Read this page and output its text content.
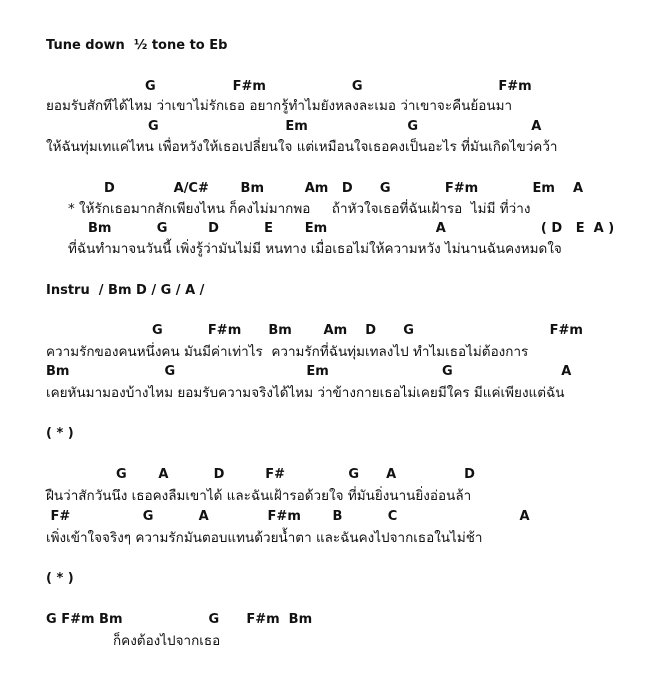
Tune down  ½ tone to Eb
G                 F#m                   G                              F#m
ยอมรับสักทีได้ไหม ว่าเขาไม่รักเธอ อยากรู้ทำไมยังหลงละเมอ ว่าเขาจะคืนย้อนมา
G                            Em                      G                         A
ให้ฉันทุ่มเทแค่ไหน เพื่อหวังให้เธอเปลี่ยนใจ แต่เหมือนใจเธอคงเป็นอะไร ที่มันเกิดไขว่คว้า
D             A/C#       Bm         Am   D      G            F#m            Em    A
* ให้รักเธอมากสักเพียงไหน ก็คงไม่มากพอ     ถ้าหัวใจเธอที่ฉันเฝ้ารอ  ไม่มี ที่ว่าง
Bm          G         D          E       Em                        A                     ( D   E  A )
ที่ฉันทำมาจนวันนี้ เพิ่งรู้ว่ามันไม่มี หนทาง เมื่อเธอไม่ให้ความหวัง ไม่นานฉันคงหมดใจ
Instru  / Bm D / G / A /
G          F#m      Bm       Am    D      G                              F#m
ความรักของคนหนึ่งคน มันมีค่าเท่าไร  ความรักที่ฉันทุ่มเทลงไป ทำไมเธอไม่ต้องการ
Bm                     G                             Em                         G                        A
เคยหันมามองบ้างไหม ยอมรับความจริงได้ไหม ว่าข้างกายเธอไม่เคยมีใคร มีแค่เพียงแต่ฉัน
( * )
G       A          D         F#              G      A               D
ฝืนว่าสักวันนึง เธอคงลืมเขาได้ และฉันเฝ้ารอด้วยใจ ที่มันยิ่งนานยิ่งอ่อนล้า
F#                G          A             F#m       B          C                           A
เพิ่งเข้าใจจริงๆ ความรักมันตอบแทนด้วยน้ำตา และฉันคงไปจากเธอในไม่ช้า
( * )
G F#m Bm                   G      F#m  Bm
ก็คงต้องไปจากเธอ
